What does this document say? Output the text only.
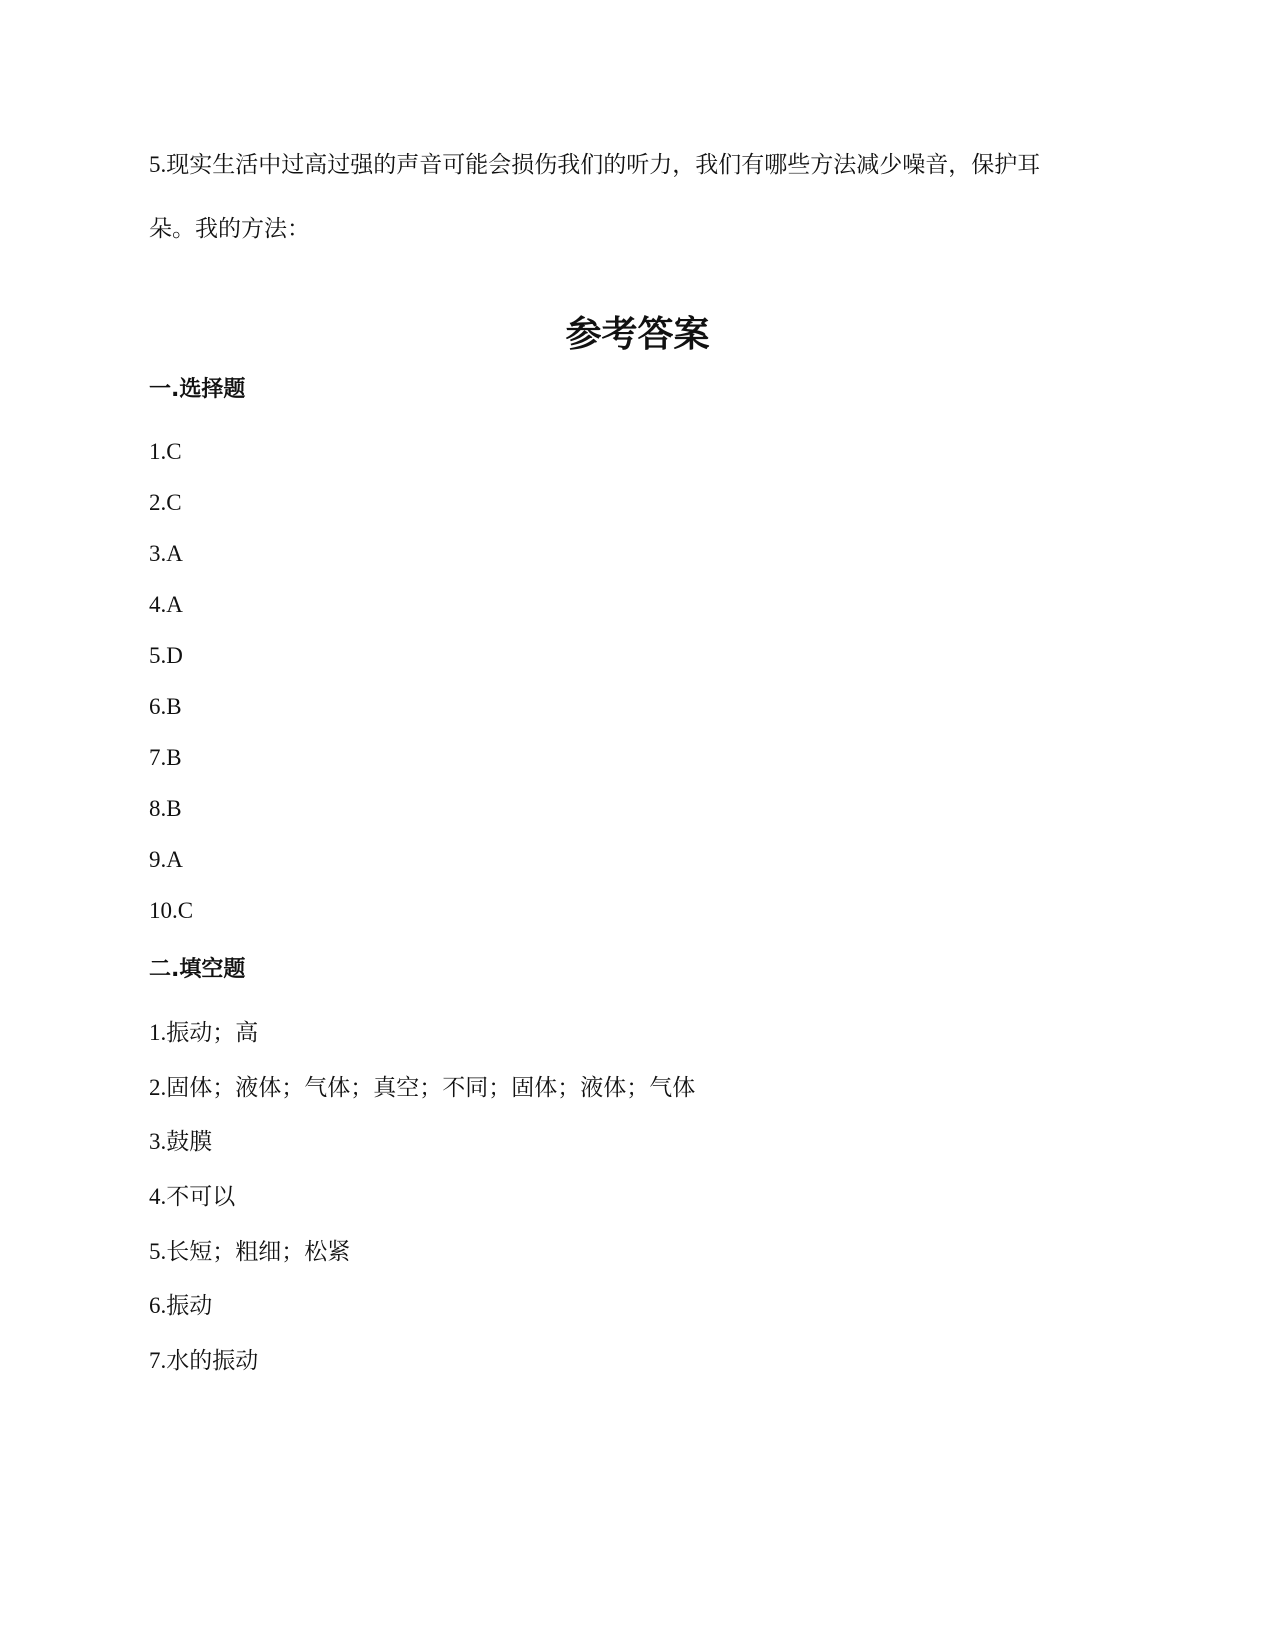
5.现实生活中过高过强的声音可能会损伤我们的听力，我们有哪些方法减少噪音，保护耳
朵。我的方法：
参考答案
一.选择题
1.C
2.C
3.A
4.A
5.D
6.B
7.B
8.B
9.A
10.C
二.填空题
1.振动；高
2.固体；液体；气体；真空；不同；固体；液体；气体
3.鼓膜
4.不可以
5.长短；粗细；松紧
6.振动
7.水的振动
